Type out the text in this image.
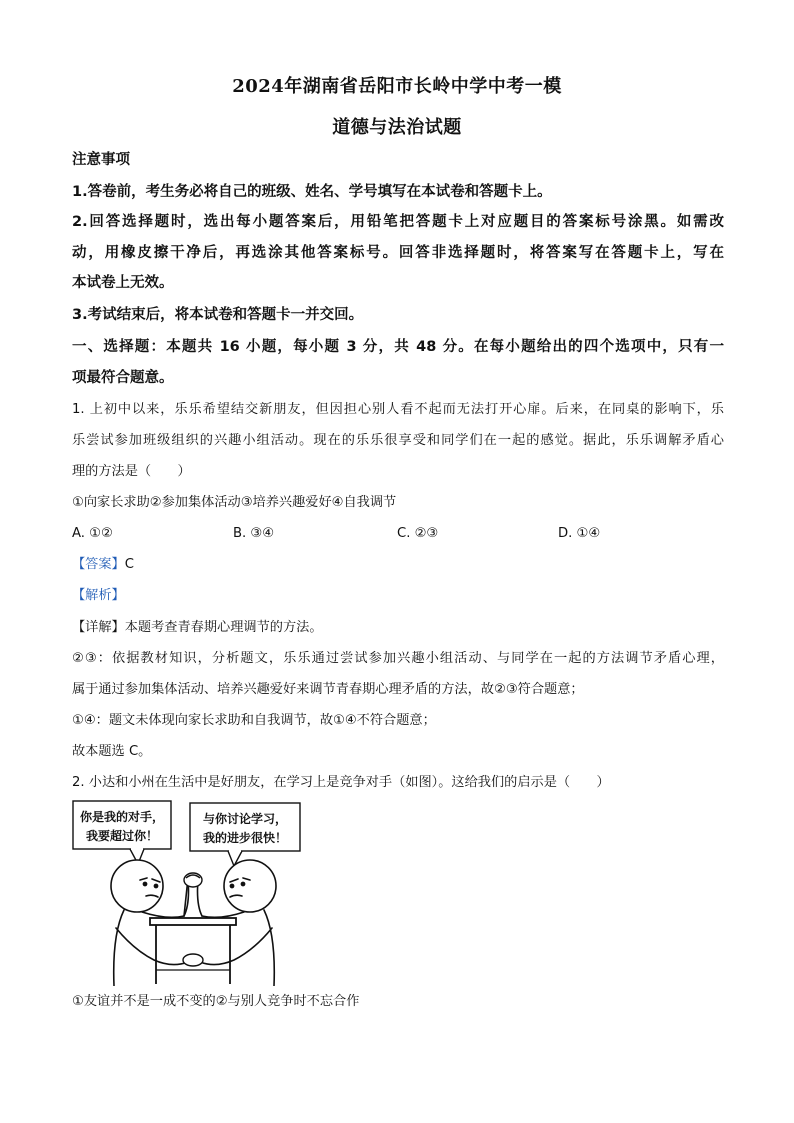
2024年湖南省岳阳市长岭中学中考一模
道德与法治试题
注意事项
1.答卷前，考生务必将自己的班级、姓名、学号填写在本试卷和答题卡上。
2.回答选择题时，选出每小题答案后，用铅笔把答题卡上对应题目的答案标号涂黑。如需改
动，用橡皮擦干净后，再选涂其他答案标号。回答非选择题时，将答案写在答题卡上，写在
本试卷上无效。
3.考试结束后，将本试卷和答题卡一并交回。
一、选择题：本题共 16 小题，每小题 3 分，共 48 分。在每小题给出的四个选项中，只有一
项最符合题意。
1. 上初中以来，乐乐希望结交新朋友，但因担心别人看不起而无法打开心扉。后来，在同桌的影响下，乐
乐尝试参加班级组织的兴趣小组活动。现在的乐乐很享受和同学们在一起的感觉。据此，乐乐调解矛盾心
理的方法是（　　）
①向家长求助②参加集体活动③培养兴趣爱好④自我调节
A. ①②	B. ③④	C. ②③	D. ①④
【答案】C
【解析】
【详解】本题考查青春期心理调节的方法。
②③：依据教材知识，分析题文，乐乐通过尝试参加兴趣小组活动、与同学在一起的方法调节矛盾心理，
属于通过参加集体活动、培养兴趣爱好来调节青春期心理矛盾的方法，故②③符合题意；
①④：题文未体现向家长求助和自我调节，故①④不符合题意；
故本题选 C。
2. 小达和小州在生活中是好朋友，在学习上是竞争对手（如图）。这给我们的启示是（　　）
你是我的对手，
我要超过你！
与你讨论学习，
我的进步很快！
①友谊并不是一成不变的②与别人竞争时不忘合作
